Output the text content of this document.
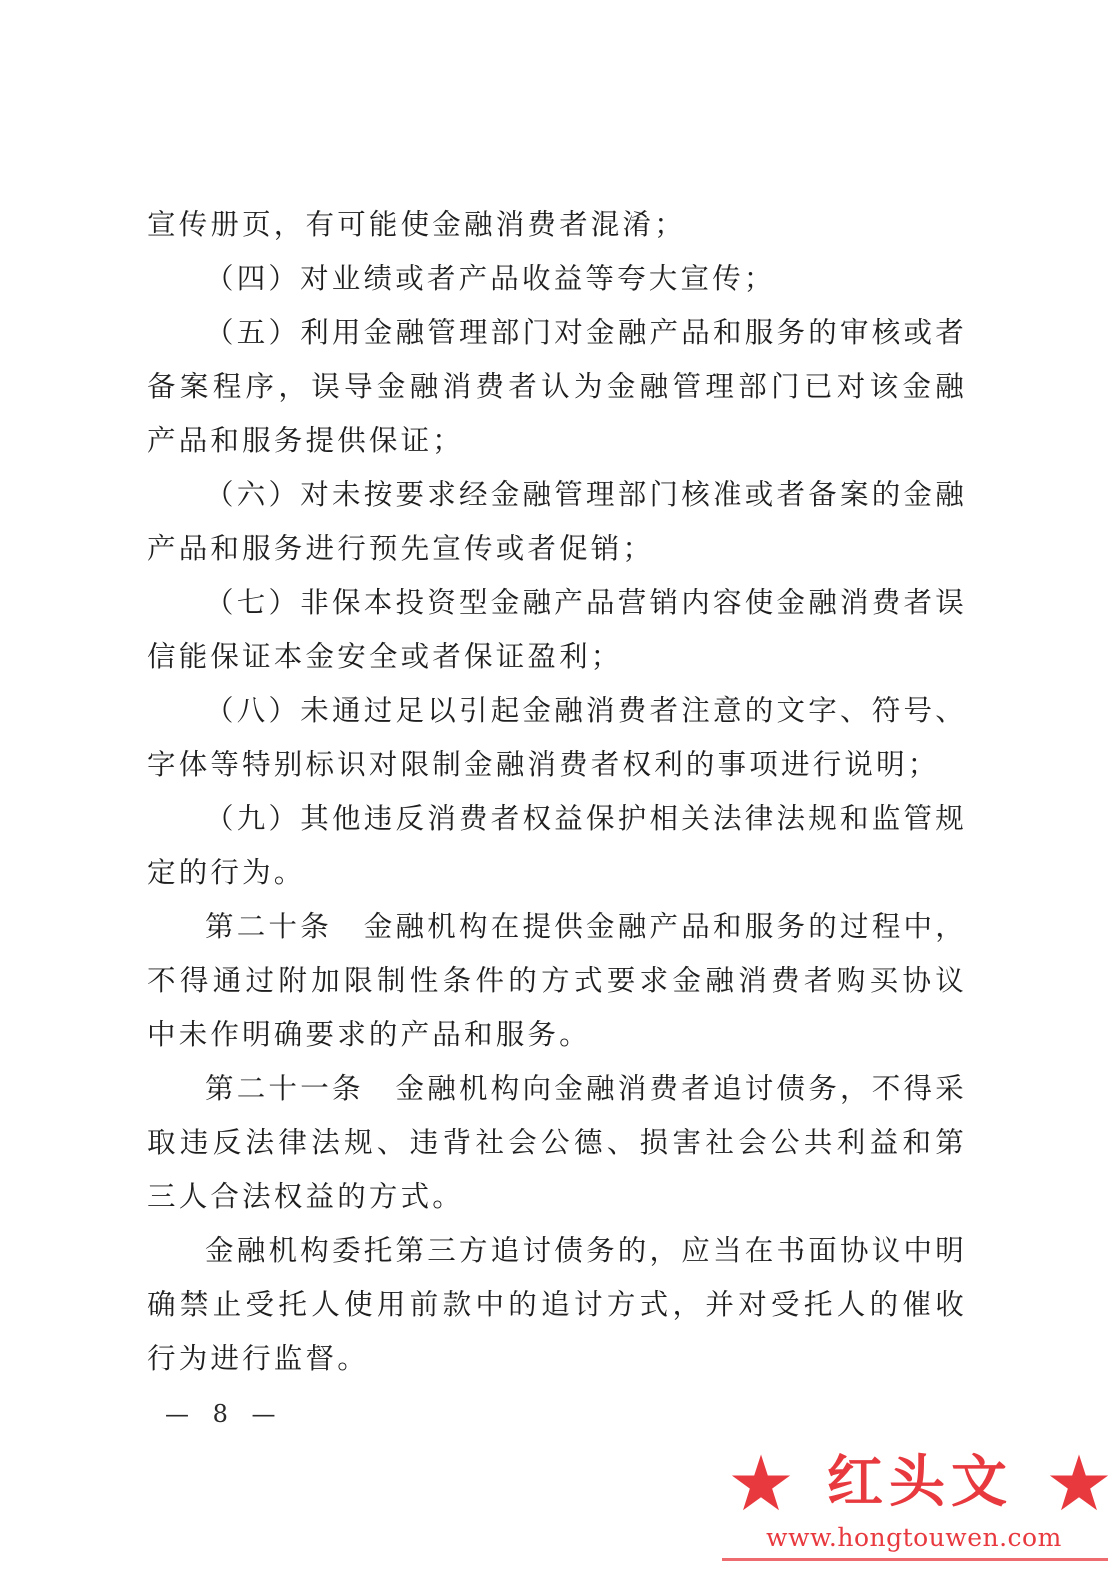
宣传册页，有可能使金融消费者混淆；

（四）对业绩或者产品收益等夸大宣传；

（五）利用金融管理部门对金融产品和服务的审核或者备案程序，误导金融消费者认为金融管理部门已对该金融产品和服务提供保证；

（六）对未按要求经金融管理部门核准或者备案的金融产品和服务进行预先宣传或者促销；

（七）非保本投资型金融产品营销内容使金融消费者误信能保证本金安全或者保证盈利；

（八）未通过足以引起金融消费者注意的文字、符号、字体等特别标识对限制金融消费者权利的事项进行说明；

（九）其他违反消费者权益保护相关法律法规和监管规定的行为。

第二十条　金融机构在提供金融产品和服务的过程中，不得通过附加限制性条件的方式要求金融消费者购买协议中未作明确要求的产品和服务。

第二十一条　金融机构向金融消费者追讨债务，不得采取违反法律法规、违背社会公德、损害社会公共利益和第三人合法权益的方式。

金融机构委托第三方追讨债务的，应当在书面协议中明确禁止受托人使用前款中的追讨方式，并对受托人的催收行为进行监督。

— 8 —
红头文
www.hongtouwen.com
